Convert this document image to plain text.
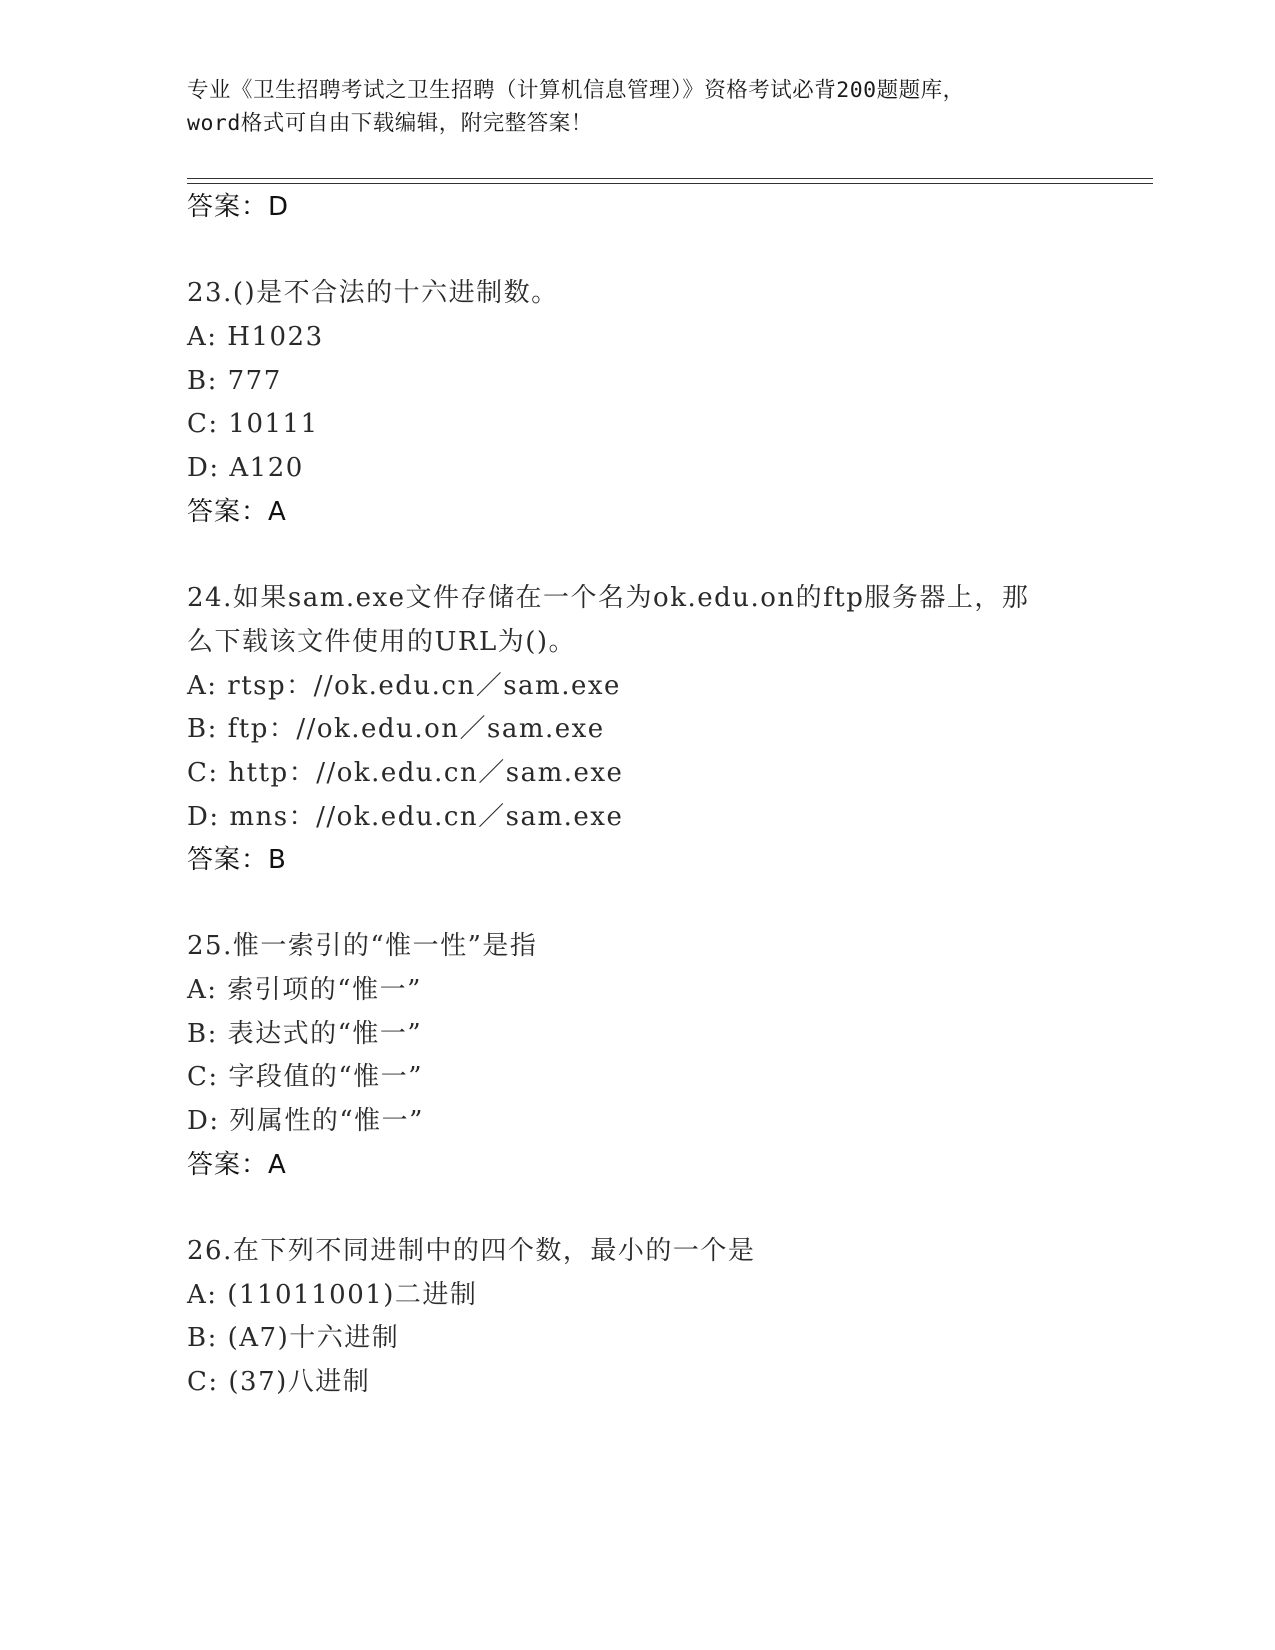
专业《卫生招聘考试之卫生招聘（计算机信息管理）》资格考试必背200题题库，
word格式可自由下载编辑，附完整答案！
答案：D
23.()是不合法的十六进制数。
A: H1023
B: 777
C: 10111
D: A120
答案：A
24.如果sam.exe文件存储在一个名为ok.edu.on的ftp服务器上，那
么下载该文件使用的URL为()。
A: rtsp：//ok.edu.cn／sam.exe
B: ftp：//ok.edu.on／sam.exe
C: http：//ok.edu.cn／sam.exe
D: mns：//ok.edu.cn／sam.exe
答案：B
25.惟一索引的“惟一性”是指
A: 索引项的“惟一”
B: 表达式的“惟一”
C: 字段值的“惟一”
D: 列属性的“惟一”
答案：A
26.在下列不同进制中的四个数，最小的一个是
A: (11011001)二进制
B: (A7)十六进制
C: (37)八进制
